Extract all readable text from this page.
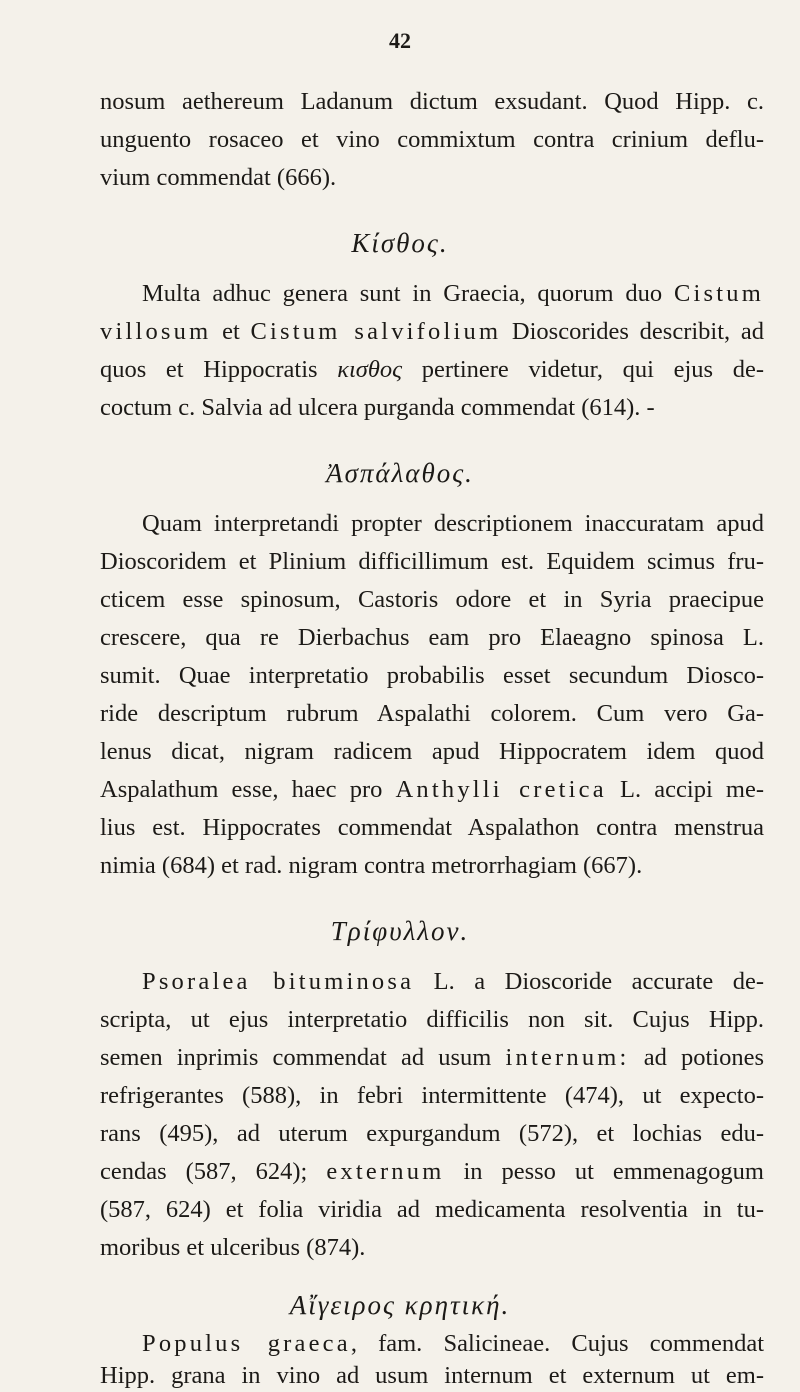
42
nosum aethereum Ladanum dictum exsudant. Quod Hipp. c.
unguento rosaceo et vino commixtum contra crinium deflu-
vium commendat (666).
Κίσθος.
Multa adhuc genera sunt in Graecia, quorum duo Cistum
villosum et Cistum salvifolium Dioscorides describit, ad
quos et Hippocratis κισθος pertinere videtur, qui ejus de-
coctum c. Salvia ad ulcera purganda commendat (614). -
Ἀσπάλαθος.
Quam interpretandi propter descriptionem inaccuratam apud
Dioscoridem et Plinium difficillimum est. Equidem scimus fru-
cticem esse spinosum, Castoris odore et in Syria praecipue
crescere, qua re Dierbachus eam pro Elaeagno spinosa L.
sumit. Quae interpretatio probabilis esset secundum Diosco-
ride descriptum rubrum Aspalathi colorem. Cum vero Ga-
lenus dicat, nigram radicem apud Hippocratem idem quod
Aspalathum esse, haec pro Anthylli cretica L. accipi me-
lius est. Hippocrates commendat Aspalathon contra menstrua
nimia (684) et rad. nigram contra metrorrhagiam (667).
Τρίφυλλον.
Psoralea bituminosa L. a Dioscoride accurate de-
scripta, ut ejus interpretatio difficilis non sit. Cujus Hipp.
semen inprimis commendat ad usum internum: ad potiones
refrigerantes (588), in febri intermittente (474), ut expecto-
rans (495), ad uterum expurgandum (572), et lochias edu-
cendas (587, 624); externum in pesso ut emmenagogum
(587, 624) et folia viridia ad medicamenta resolventia in tu-
moribus et ulceribus (874).
Αἴγειρος κρητική.
Populus graeca, fam. Salicineae. Cujus commendat
Hipp. grana in vino ad usum internum et externum ut em-
